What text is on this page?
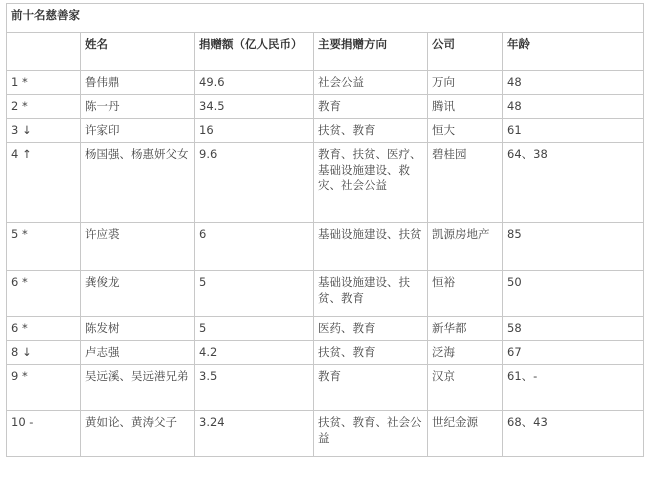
前十名慈善家					
	姓名	捐赠额（亿人民币）	主要捐赠方向	公司	年龄
1 *	鲁伟鼎	49.6	社会公益	万向	48
2 *	陈一丹	34.5	教育	腾讯	48
3 ↓	许家印	16	扶贫、教育	恒大	61
4 ↑	杨国强、杨惠妍父女	9.6	教育、扶贫、医疗、基础设施建设、救灾、社会公益	碧桂园	64、38
5 *	许应裘	6	基础设施建设、扶贫	凯源房地产	85
6 *	龚俊龙	5	基础设施建设、扶贫、教育	恒裕	50
6 *	陈发树	5	医药、教育	新华都	58
8 ↓	卢志强	4.2	扶贫、教育	泛海	67
9 *	吴远溪、吴远港兄弟	3.5	教育	汉京	61、-
10 -	黄如论、黄涛父子	3.24	扶贫、教育、社会公益	世纪金源	68、43
